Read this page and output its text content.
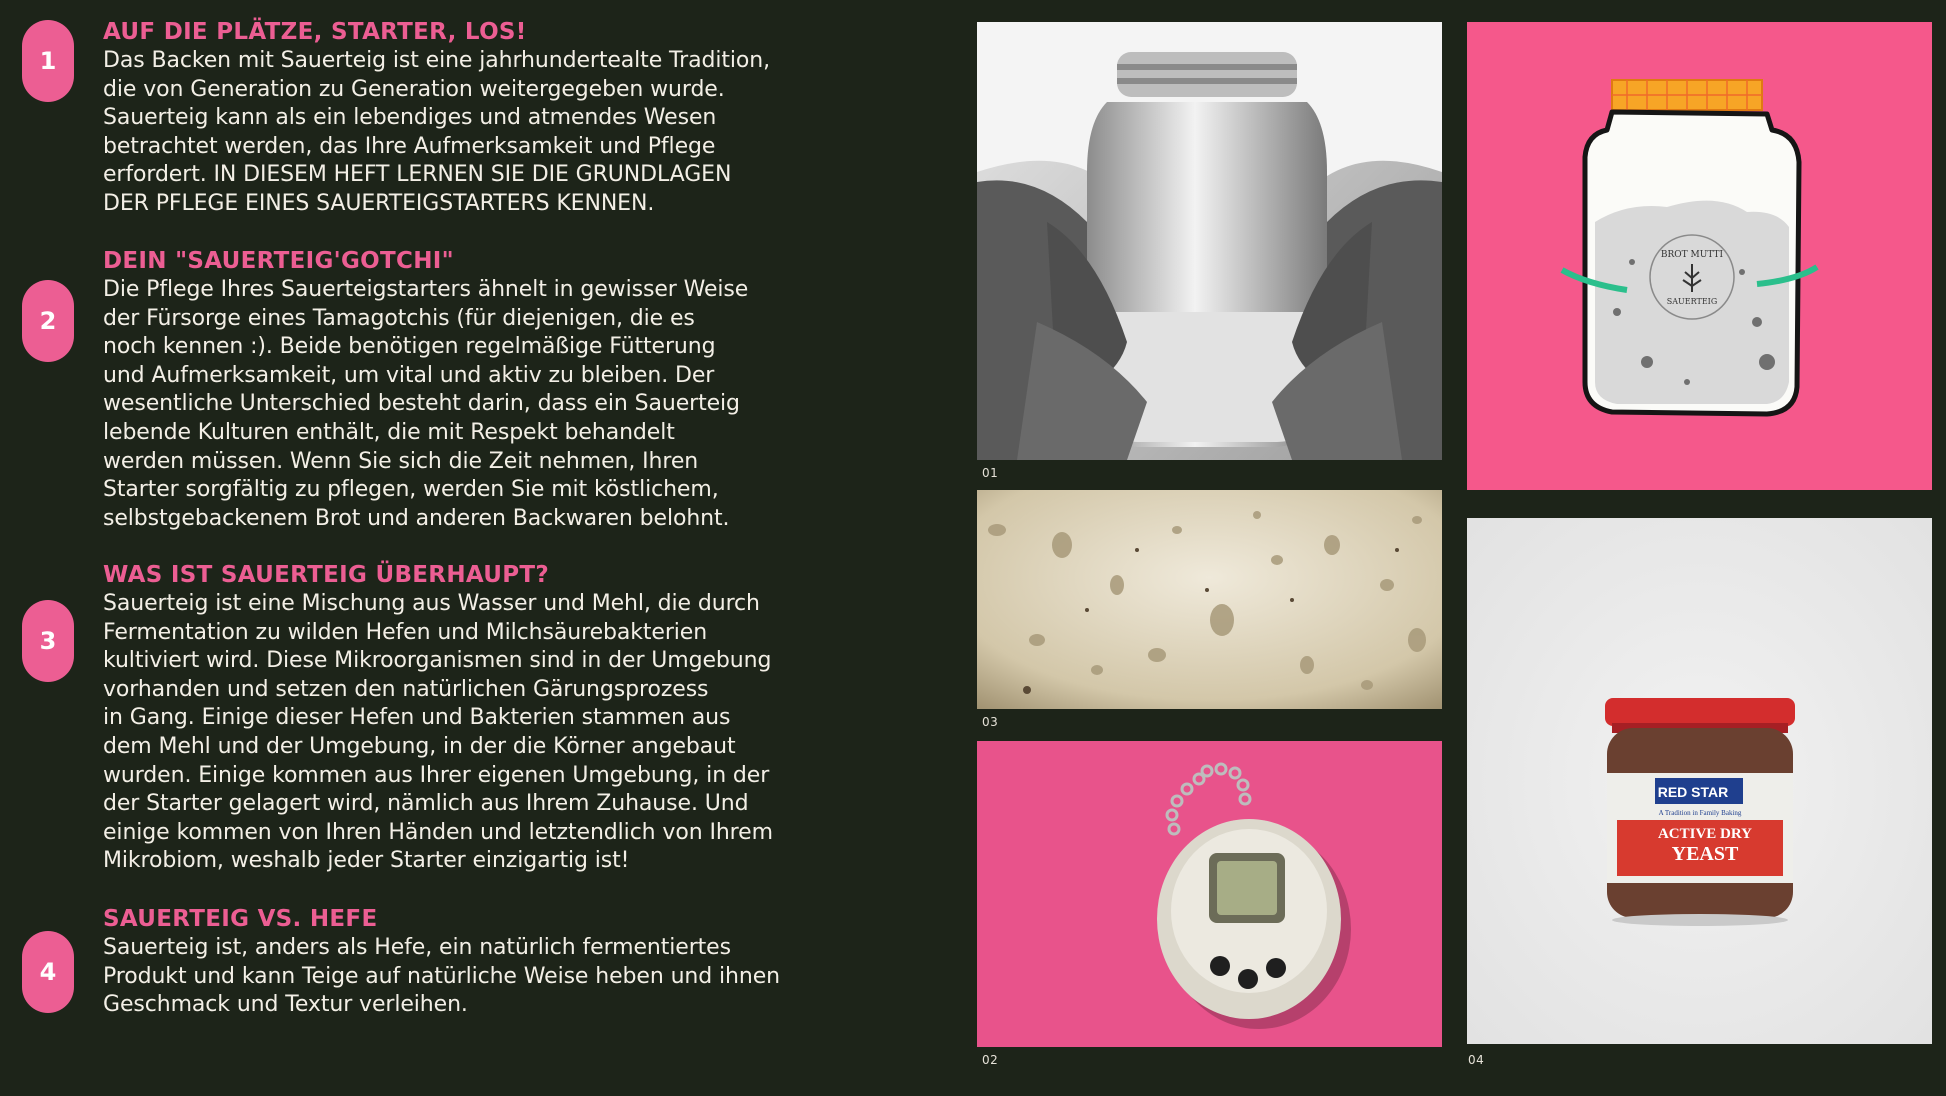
1
AUF DIE PLÄTZE, STARTER, LOS!

Das Backen mit Sauerteig ist eine jahrhundertealte Tradition,
die von Generation zu Generation weitergegeben wurde.
Sauerteig kann als ein lebendiges und atmendes Wesen
betrachtet werden, das Ihre Aufmerksamkeit und Pflege
erfordert. IN DIESEM HEFT LERNEN SIE DIE GRUNDLAGEN
DER PFLEGE EINES SAUERTEIGSTARTERS KENNEN.

2
DEIN "SAUERTEIG'GOTCHI"

Die Pflege Ihres Sauerteigstarters ähnelt in gewisser Weise
der Fürsorge eines Tamagotchis (für diejenigen, die es
noch kennen :). Beide benötigen regelmäßige Fütterung
und Aufmerksamkeit, um vital und aktiv zu bleiben. Der
wesentliche Unterschied besteht darin, dass ein Sauerteig
lebende Kulturen enthält, die mit Respekt behandelt
werden müssen. Wenn Sie sich die Zeit nehmen, Ihren
Starter sorgfältig zu pflegen, werden Sie mit köstlichem,
selbstgebackenem Brot und anderen Backwaren belohnt.

3
WAS IST SAUERTEIG ÜBERHAUPT?

Sauerteig ist eine Mischung aus Wasser und Mehl, die durch
Fermentation zu wilden Hefen und Milchsäurebakterien
kultiviert wird. Diese Mikroorganismen sind in der Umgebung
vorhanden und setzen den natürlichen Gärungsprozess
in Gang. Einige dieser Hefen und Bakterien stammen aus
dem Mehl und der Umgebung, in der die Körner angebaut
wurden. Einige kommen aus Ihrer eigenen Umgebung, in der
der Starter gelagert wird, nämlich aus Ihrem Zuhause. Und
einige kommen von Ihren Händen und letztendlich von Ihrem
Mikrobiom, weshalb jeder Starter einzigartig ist!

4
SAUERTEIG VS. HEFE

Sauerteig ist, anders als Hefe, ein natürlich fermentiertes
Produkt und kann Teige auf natürliche Weise heben und ihnen
Geschmack und Textur verleihen.

01
03
02
BROT MUTTI
SAUERTEIG
RED STAR
A Tradition in Family Baking
ACTIVE DRY
YEAST
04
